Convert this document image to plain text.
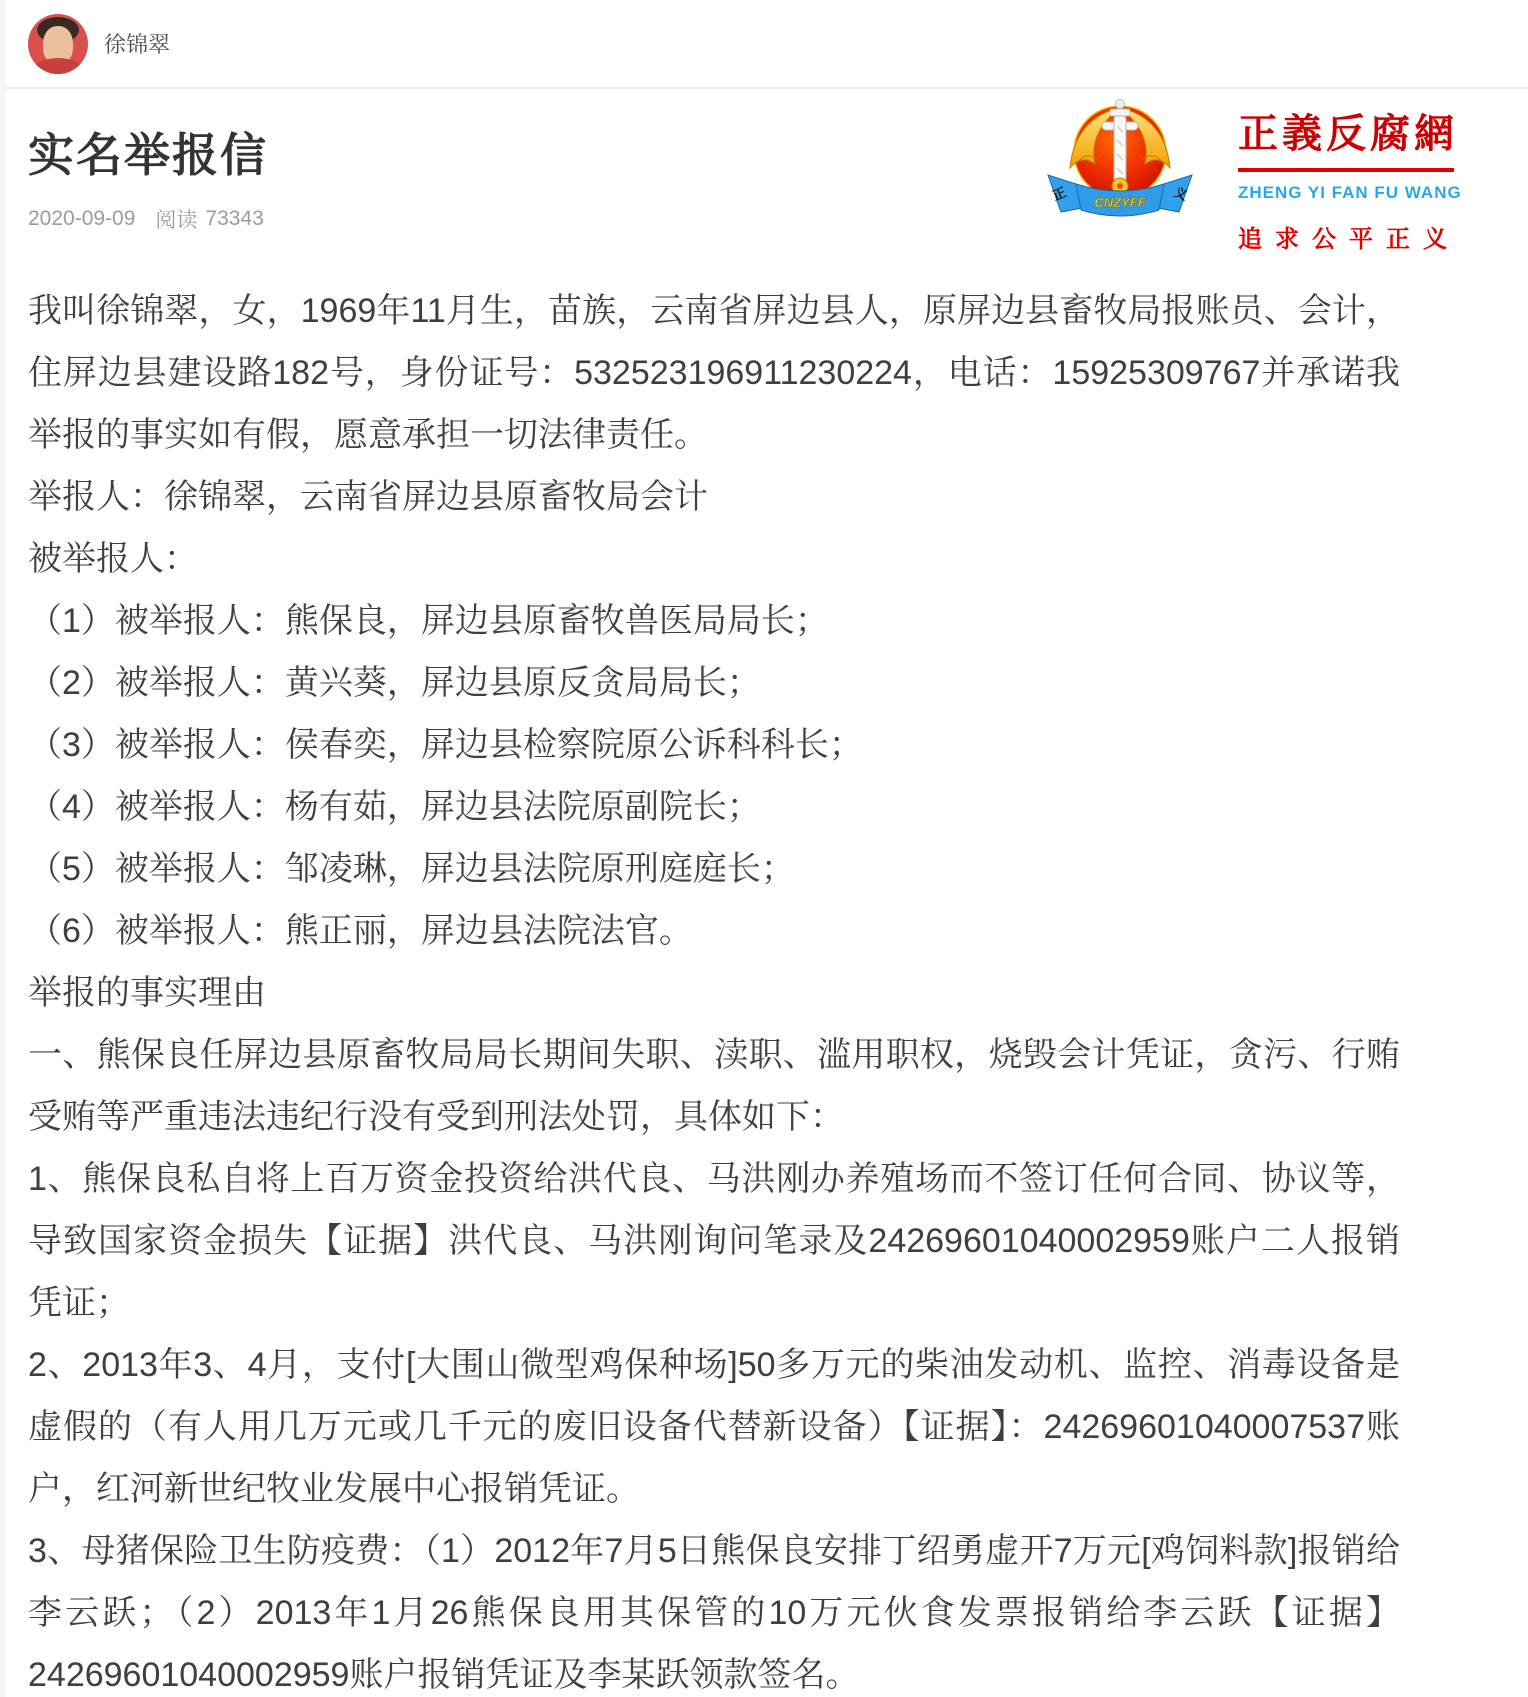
徐锦翠
CNZYFF
正	义
正義反腐網
ZHENG YI FAN FU WANG
追求公平正义
实名举报信
2020-09-09 阅读 73343

我叫徐锦翠，女，1969年11月生，苗族，云南省屏边县人，原屏边县畜牧局报账员、会计，住屏边县建设路182号，身份证号：532523196911230224，电话：15925309767并承诺我举报的事实如有假，愿意承担一切法律责任。

举报人：徐锦翠，云南省屏边县原畜牧局会计

被举报人：

（1）被举报人：熊保良，屏边县原畜牧兽医局局长；

（2）被举报人：黄兴葵，屏边县原反贪局局长；

（3）被举报人：侯春奕，屏边县检察院原公诉科科长；

（4）被举报人：杨有茹，屏边县法院原副院长；

（5）被举报人：邹凌琳，屏边县法院原刑庭庭长；

（6）被举报人：熊正丽，屏边县法院法官。

举报的事实理由

一、熊保良任屏边县原畜牧局局长期间失职、渎职、滥用职权，烧毁会计凭证，贪污、行贿受贿等严重违法违纪行没有受到刑法处罚，具体如下：

1、熊保良私自将上百万资金投资给洪代良、马洪刚办养殖场而不签订任何合同、协议等，导致国家资金损失【证据】洪代良、马洪刚询问笔录及24269601040002959账户二人报销凭证；

2、2013年3、4月，支付[大围山微型鸡保种场]50多万元的柴油发动机、监控、消毒设备是虚假的（有人用几万元或几千元的废旧设备代替新设备）【证据】：24269601040007537账户，红河新世纪牧业发展中心报销凭证。

3、母猪保险卫生防疫费：（1）2012年7月5日熊保良安排丁绍勇虚开7万元[鸡饲料款]报销给李云跃；（2）2013年1月26熊保良用其保管的10万元伙食发票报销给李云跃【证据】24269601040002959账户报销凭证及李某跃领款签名。
